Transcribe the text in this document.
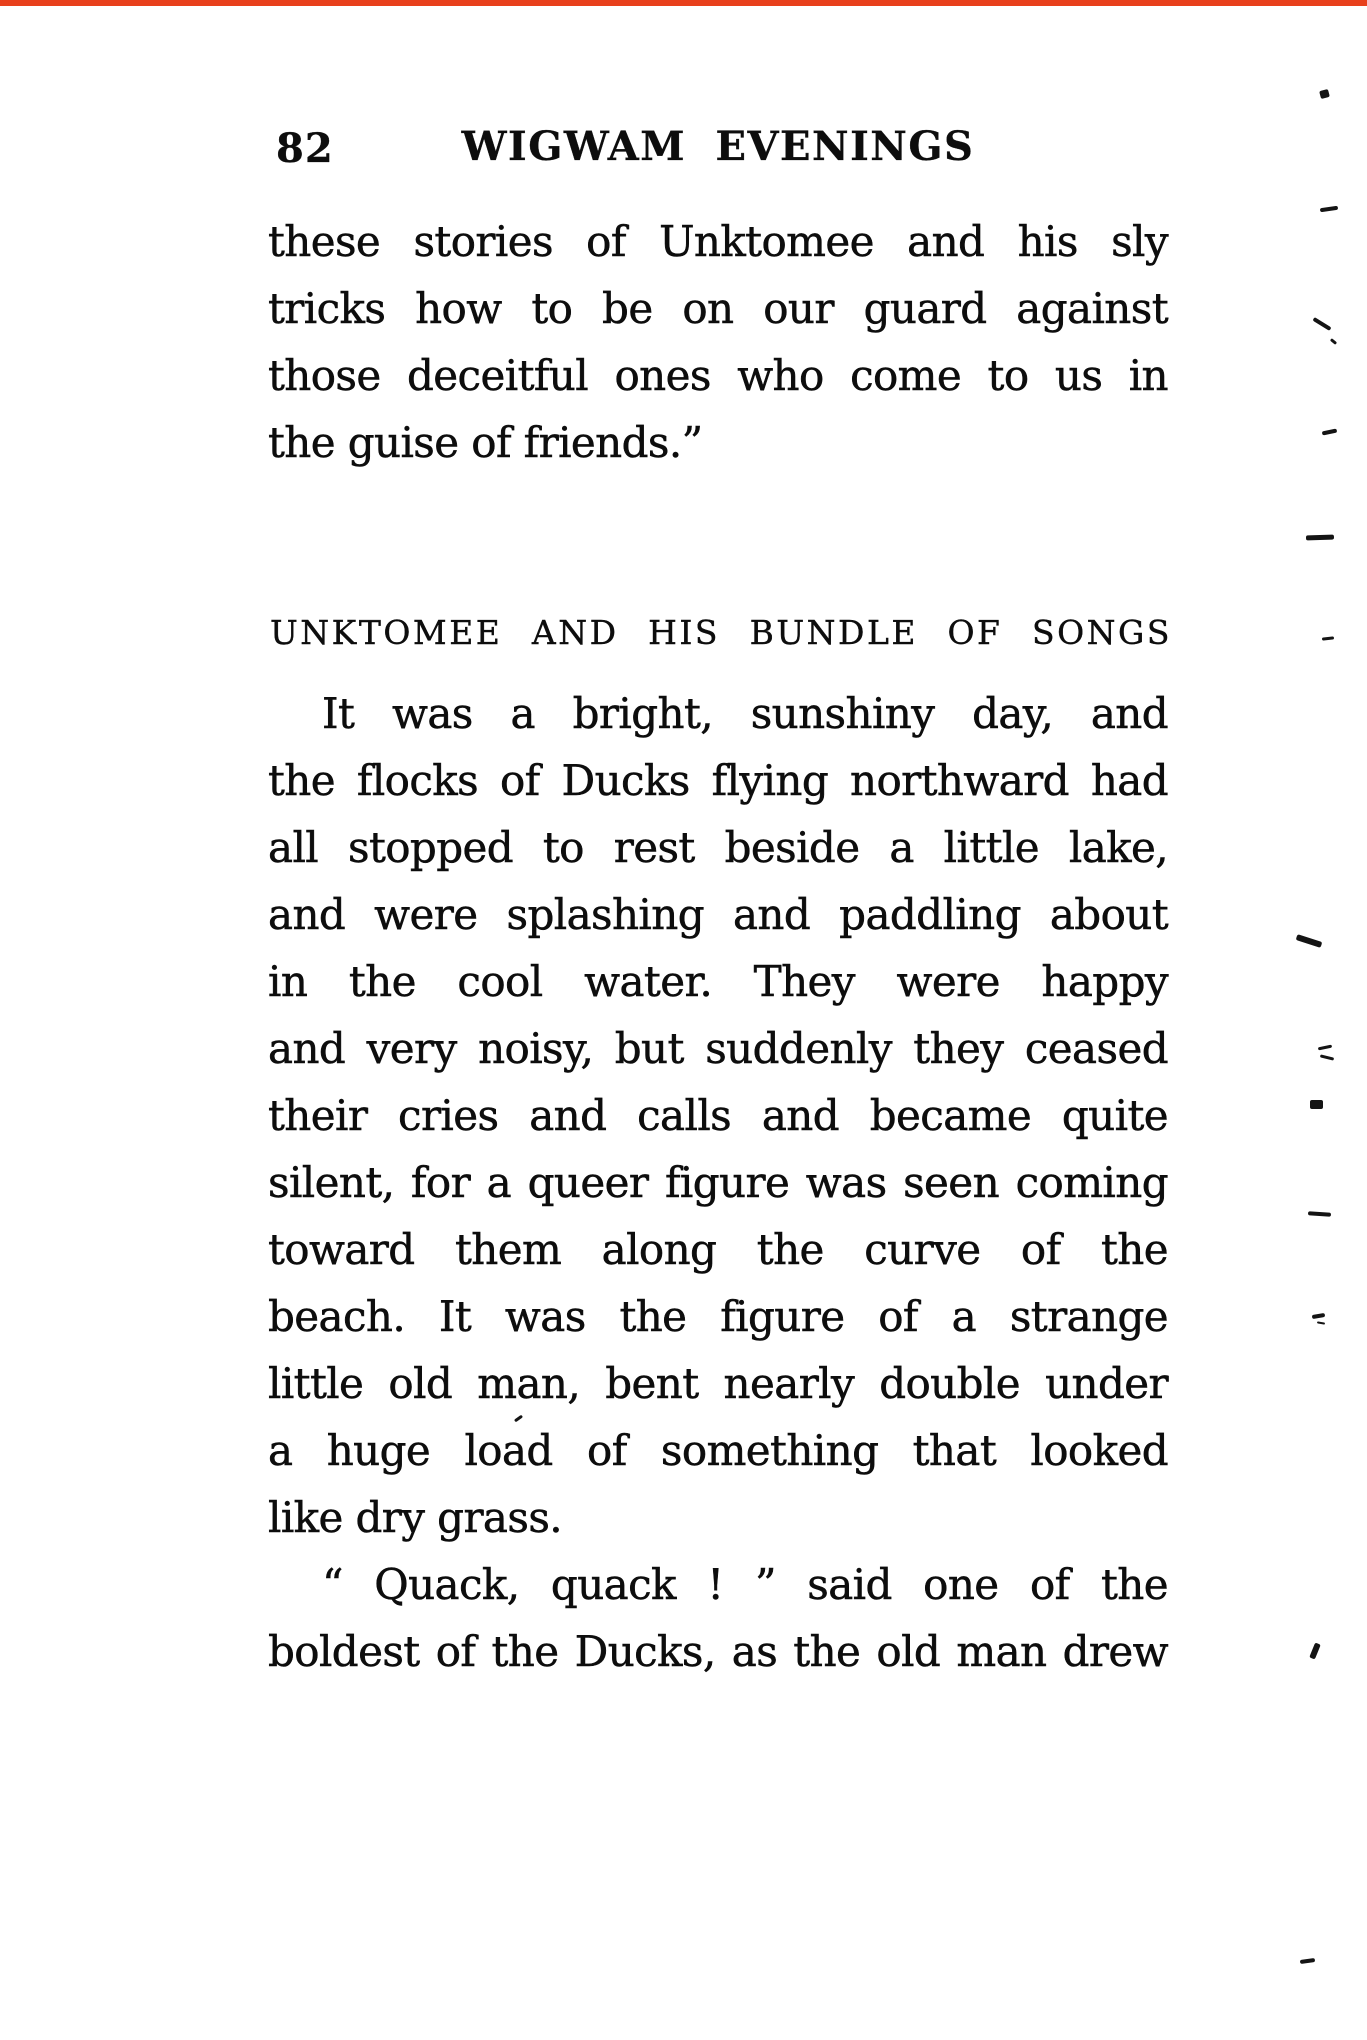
82	WIGWAM EVENINGS
these stories of Unktomee and his sly
tricks how to be on our guard against
those deceitful ones who come to us in
the guise of friends.”
UNKTOMEE AND HIS BUNDLE OF SONGS
It was a bright, sunshiny day, and
the flocks of Ducks flying northward had
all stopped to rest beside a little lake,
and were splashing and paddling about
in the cool water. They were happy
and very noisy, but suddenly they ceased
their cries and calls and became quite
silent, for a queer figure was seen coming
toward them along the curve of the
beach. It was the figure of a strange
little old man, bent nearly double under
a huge load of something that looked
like dry grass.
“ Quack, quack ! ” said one of the
boldest of the Ducks, as the old man drew
